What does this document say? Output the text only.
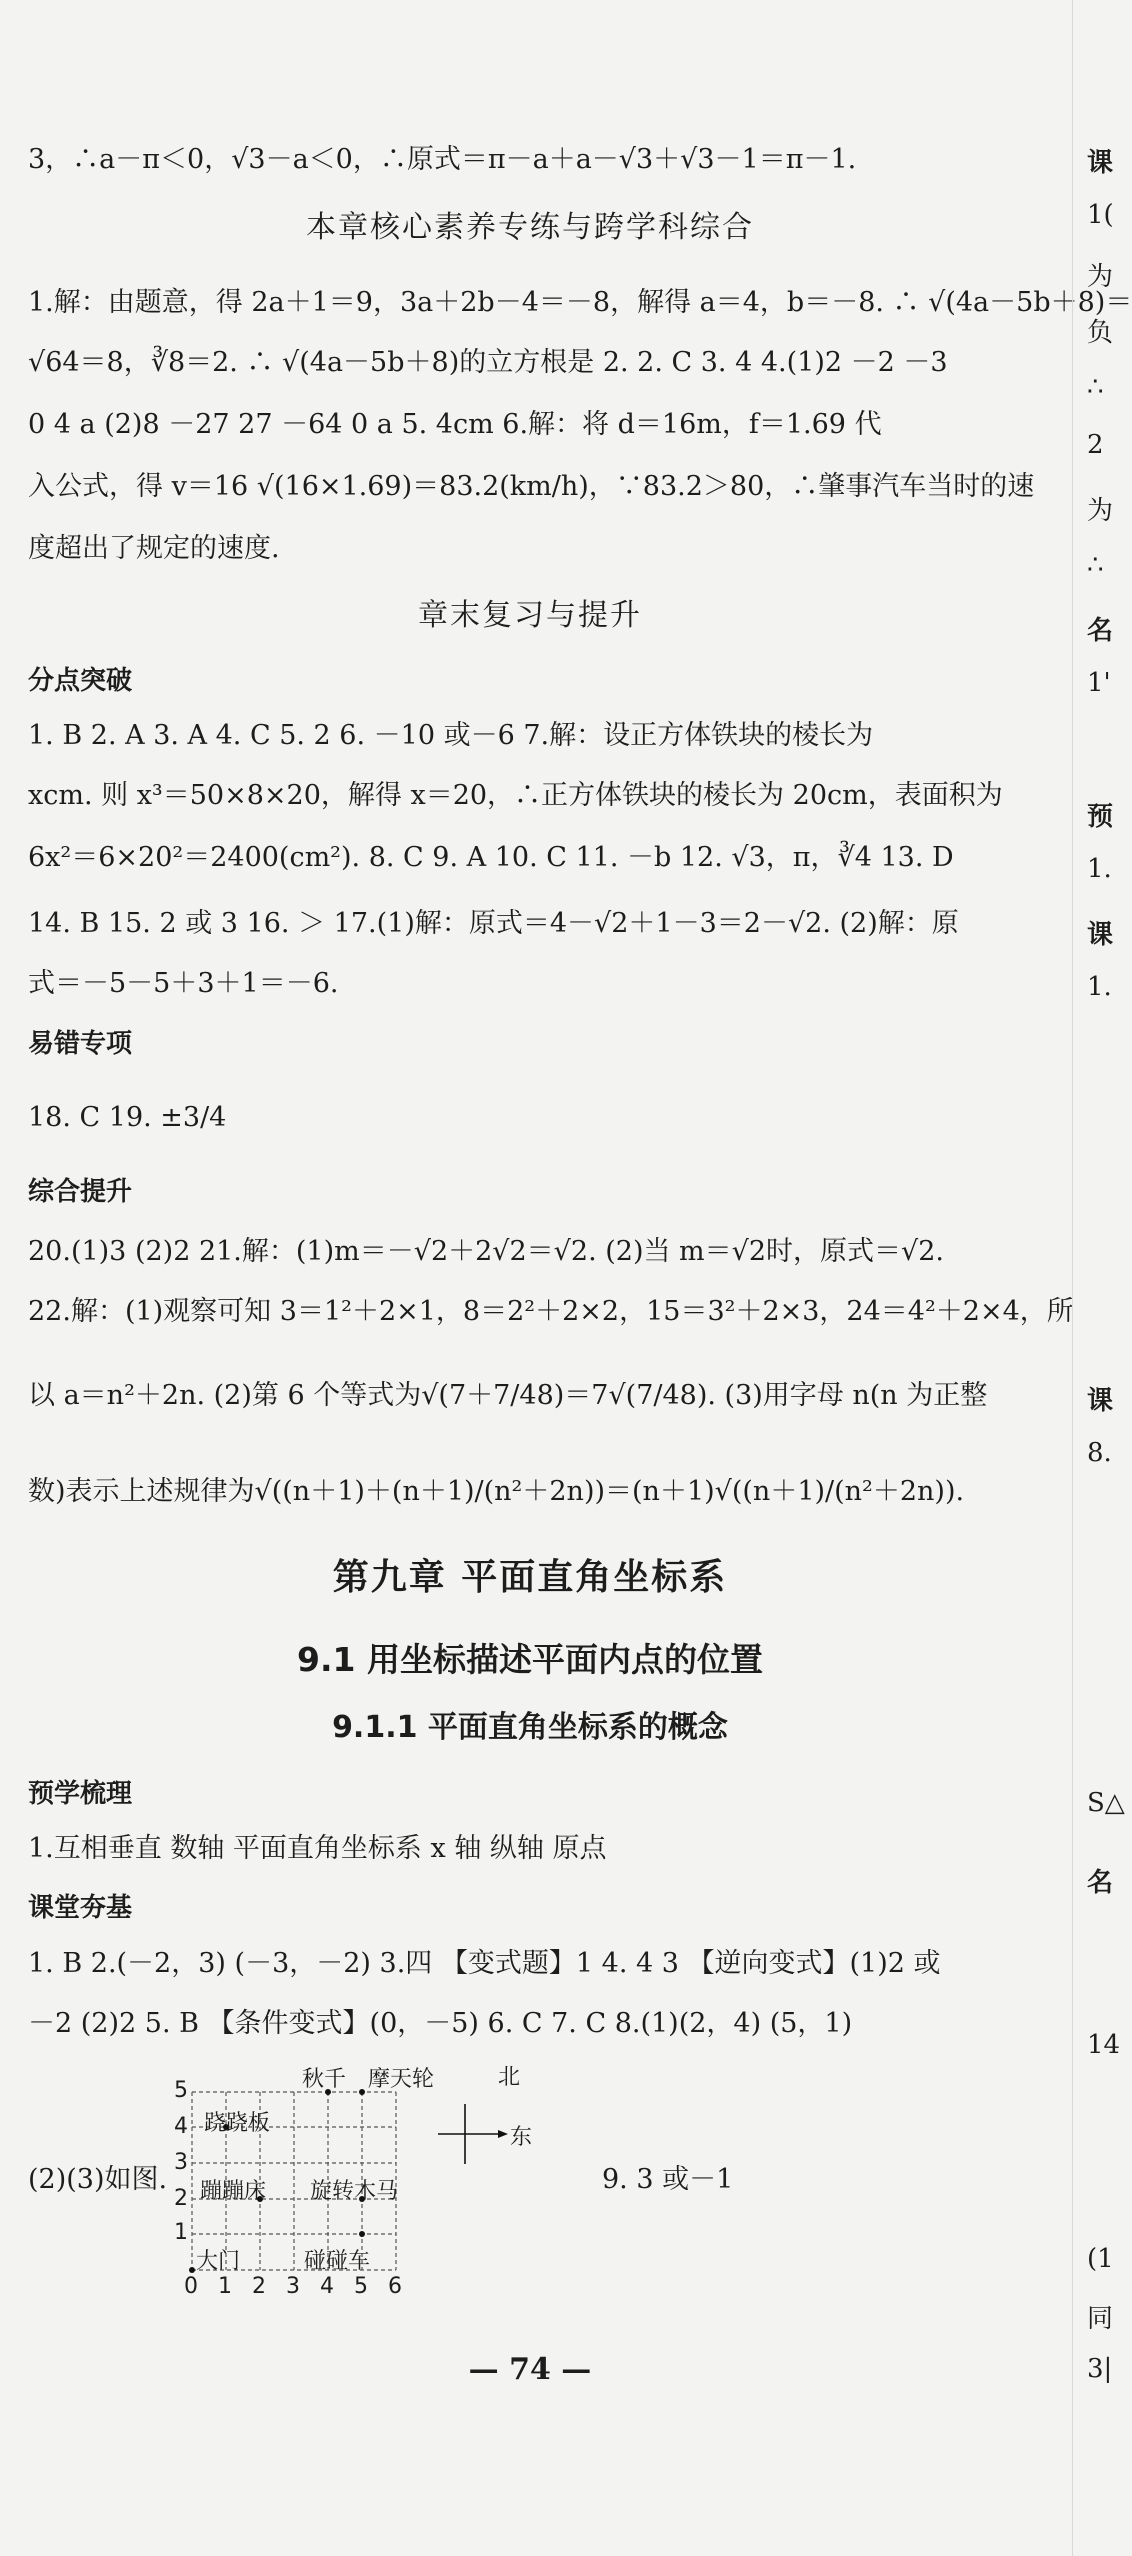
3，∴a－π＜0，√3－a＜0，∴原式＝π－a＋a－√3＋√3－1＝π－1.
本章核心素养专练与跨学科综合
1.解：由题意，得 2a＋1＝9，3a＋2b－4＝－8，解得 a＝4，b＝－8. ∴ √(4a－5b＋8)＝
√64＝8，∛8＝2. ∴ √(4a－5b＋8)的立方根是 2. 2. C 3. 4 4.(1)2 －2 －3
0 4 a (2)8 －27 27 －64 0 a 5. 4cm 6.解：将 d＝16m，f＝1.69 代
入公式，得 v＝16 √(16×1.69)＝83.2(km/h)，∵83.2＞80，∴肇事汽车当时的速
度超出了规定的速度.
章末复习与提升
分点突破
1. B 2. A 3. A 4. C 5. 2 6. －10 或－6 7.解：设正方体铁块的棱长为
xcm. 则 x³＝50×8×20，解得 x＝20，∴正方体铁块的棱长为 20cm，表面积为
6x²＝6×20²＝2400(cm²). 8. C 9. A 10. C 11. －b 12. √3，π，∛4 13. D
14. B 15. 2 或 3 16. ＞ 17.(1)解：原式＝4－√2＋1－3＝2－√2. (2)解：原
式＝－5－5＋3＋1＝－6.
易错专项
18. C 19. ±3/4
综合提升
20.(1)3 (2)2 21.解：(1)m＝－√2＋2√2＝√2. (2)当 m＝√2时，原式＝√2.
22.解：(1)观察可知 3＝1²＋2×1，8＝2²＋2×2，15＝3²＋2×3，24＝4²＋2×4，所
以 a＝n²＋2n. (2)第 6 个等式为√(7＋7/48)＝7√(7/48). (3)用字母 n(n 为正整
数)表示上述规律为√((n＋1)＋(n＋1)/(n²＋2n))＝(n＋1)√((n＋1)/(n²＋2n)).
第九章 平面直角坐标系
9.1 用坐标描述平面内点的位置
9.1.1 平面直角坐标系的概念
预学梳理
1.互相垂直 数轴 平面直角坐标系 x 轴 纵轴 原点
课堂夯基
1. B 2.(－2，3) (－3，－2) 3.四 【变式题】1 4. 4 3 【逆向变式】(1)2 或
－2 (2)2 5. B 【条件变式】(0，－5) 6. C 7. C 8.(1)(2，4) (5，1)
(2)(3)如图.	9. 3 或－1
5
4
3
2
1
0 1 2 3 4 5 6
秋千 摩天轮
跷跷板
蹦蹦床 旋转木马
大门	碰碰车
北
东
— 74 —
课
1(
为
负
∴
2
为
∴
名
1'
预
1.
课
1.
课
8.
S△
名
14
(1
同
3|
